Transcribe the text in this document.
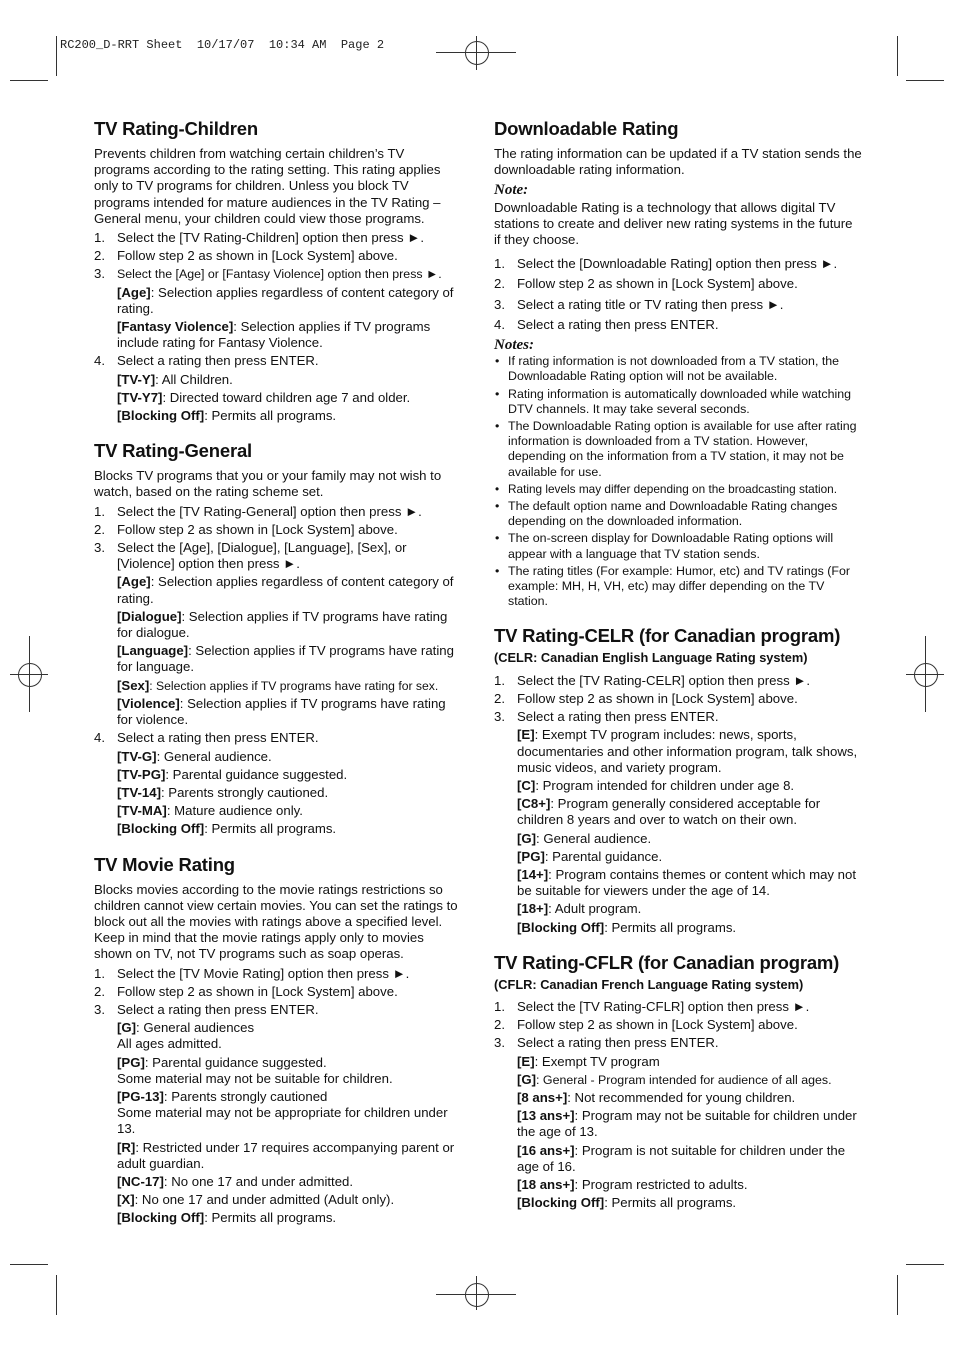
RC200_D-RRT Sheet  10/17/07  10:34 AM  Page 2
TV Rating-Children

Prevents children from watching certain children’s TV programs according to the rating setting. This rating applies only to TV programs for children. Unless you block TV programs intended for mature audiences in the TV Rating – General menu, your children could view those programs.

1. Select the [TV Rating-Children] option then press ►.
2. Follow step 2 as shown in [Lock System] above.
3. Select the [Age] or [Fantasy Violence] option then press ►.
[Age]: Selection applies regardless of content category of rating.
[Fantasy Violence]: Selection applies if TV programs include rating for Fantasy Violence.
4. Select a rating then press ENTER.
[TV-Y]: All Children.
[TV-Y7]: Directed toward children age 7 and older.
[Blocking Off]: Permits all programs.
TV Rating-General

Blocks TV programs that you or your family may not wish to watch, based on the rating scheme set.

1. Select the [TV Rating-General] option then press ►.
2. Follow step 2 as shown in [Lock System] above.
3. Select the [Age], [Dialogue], [Language], [Sex], or [Violence] option then press ►.
[Age]: Selection applies regardless of content category of rating.
[Dialogue]: Selection applies if TV programs have rating for dialogue.
[Language]: Selection applies if TV programs have rating for language.
[Sex]: Selection applies if TV programs have rating for sex.
[Violence]: Selection applies if TV programs have rating for violence.
4. Select a rating then press ENTER.
[TV-G]: General audience.
[TV-PG]: Parental guidance suggested.
[TV-14]: Parents strongly cautioned.
[TV-MA]: Mature audience only.
[Blocking Off]: Permits all programs.
TV Movie Rating

Blocks movies according to the movie ratings restrictions so children cannot view certain movies. You can set the ratings to block out all the movies with ratings above a specified level. Keep in mind that the movie ratings apply only to movies shown on TV, not TV programs such as soap operas.

1. Select the [TV Movie Rating] option then press ►.
2. Follow step 2 as shown in [Lock System] above.
3. Select a rating then press ENTER.
[G]: General audiences
All ages admitted.
[PG]: Parental guidance suggested.
Some material may not be suitable for children.
[PG-13]: Parents strongly cautioned
Some material may not be appropriate for children under 13.
[R]: Restricted under 17 requires accompanying parent or adult guardian.
[NC-17]: No one 17 and under admitted.
[X]: No one 17 and under admitted (Adult only).
[Blocking Off]: Permits all programs.
Downloadable Rating

The rating information can be updated if a TV station sends the downloadable rating information.

Note:

Downloadable Rating is a technology that allows digital TV stations to create and deliver new rating systems in the future if they choose.

1. Select the [Downloadable Rating] option then press ►.
2. Follow step 2 as shown in [Lock System] above.
3. Select a rating title or TV rating then press ►.
4. Select a rating then press ENTER.
Notes:
• If rating information is not downloaded from a TV station, the Downloadable Rating option will not be available.
• Rating information is automatically downloaded while watching DTV channels. It may take several seconds.
• The Downloadable Rating option is available for use after rating information is downloaded from a TV station. However, depending on the information from a TV station, it may not be available for use.
• Rating levels may differ depending on the broadcasting station.
• The default option name and Downloadable Rating changes depending on the downloaded information.
• The on-screen display for Downloadable Rating options will appear with a language that TV station sends.
• The rating titles (For example: Humor, etc) and TV ratings (For example: MH, H, VH, etc) may differ depending on the TV station.
TV Rating-CELR (for Canadian program)
(CELR: Canadian English Language Rating system)
1. Select the [TV Rating-CELR] option then press ►.
2. Follow step 2 as shown in [Lock System] above.
3. Select a rating then press ENTER.
[E]: Exempt TV program includes: news, sports, documentaries and other information program, talk shows, music videos, and variety program.
[C]: Program intended for children under age 8.
[C8+]: Program generally considered acceptable for children 8 years and over to watch on their own.
[G]: General audience.
[PG]: Parental guidance.
[14+]: Program contains themes or content which may not be suitable for viewers under the age of 14.
[18+]: Adult program.
[Blocking Off]: Permits all programs.
TV Rating-CFLR (for Canadian program)
(CFLR: Canadian French Language Rating system)
1. Select the [TV Rating-CFLR] option then press ►.
2. Follow step 2 as shown in [Lock System] above.
3. Select a rating then press ENTER.
[E]: Exempt TV program
[G]: General - Program intended for audience of all ages.
[8 ans+]: Not recommended for young children.
[13 ans+]: Program may not be suitable for children under the age of 13.
[16 ans+]: Program is not suitable for children under the age of 16.
[18 ans+]: Program restricted to adults.
[Blocking Off]: Permits all programs.
